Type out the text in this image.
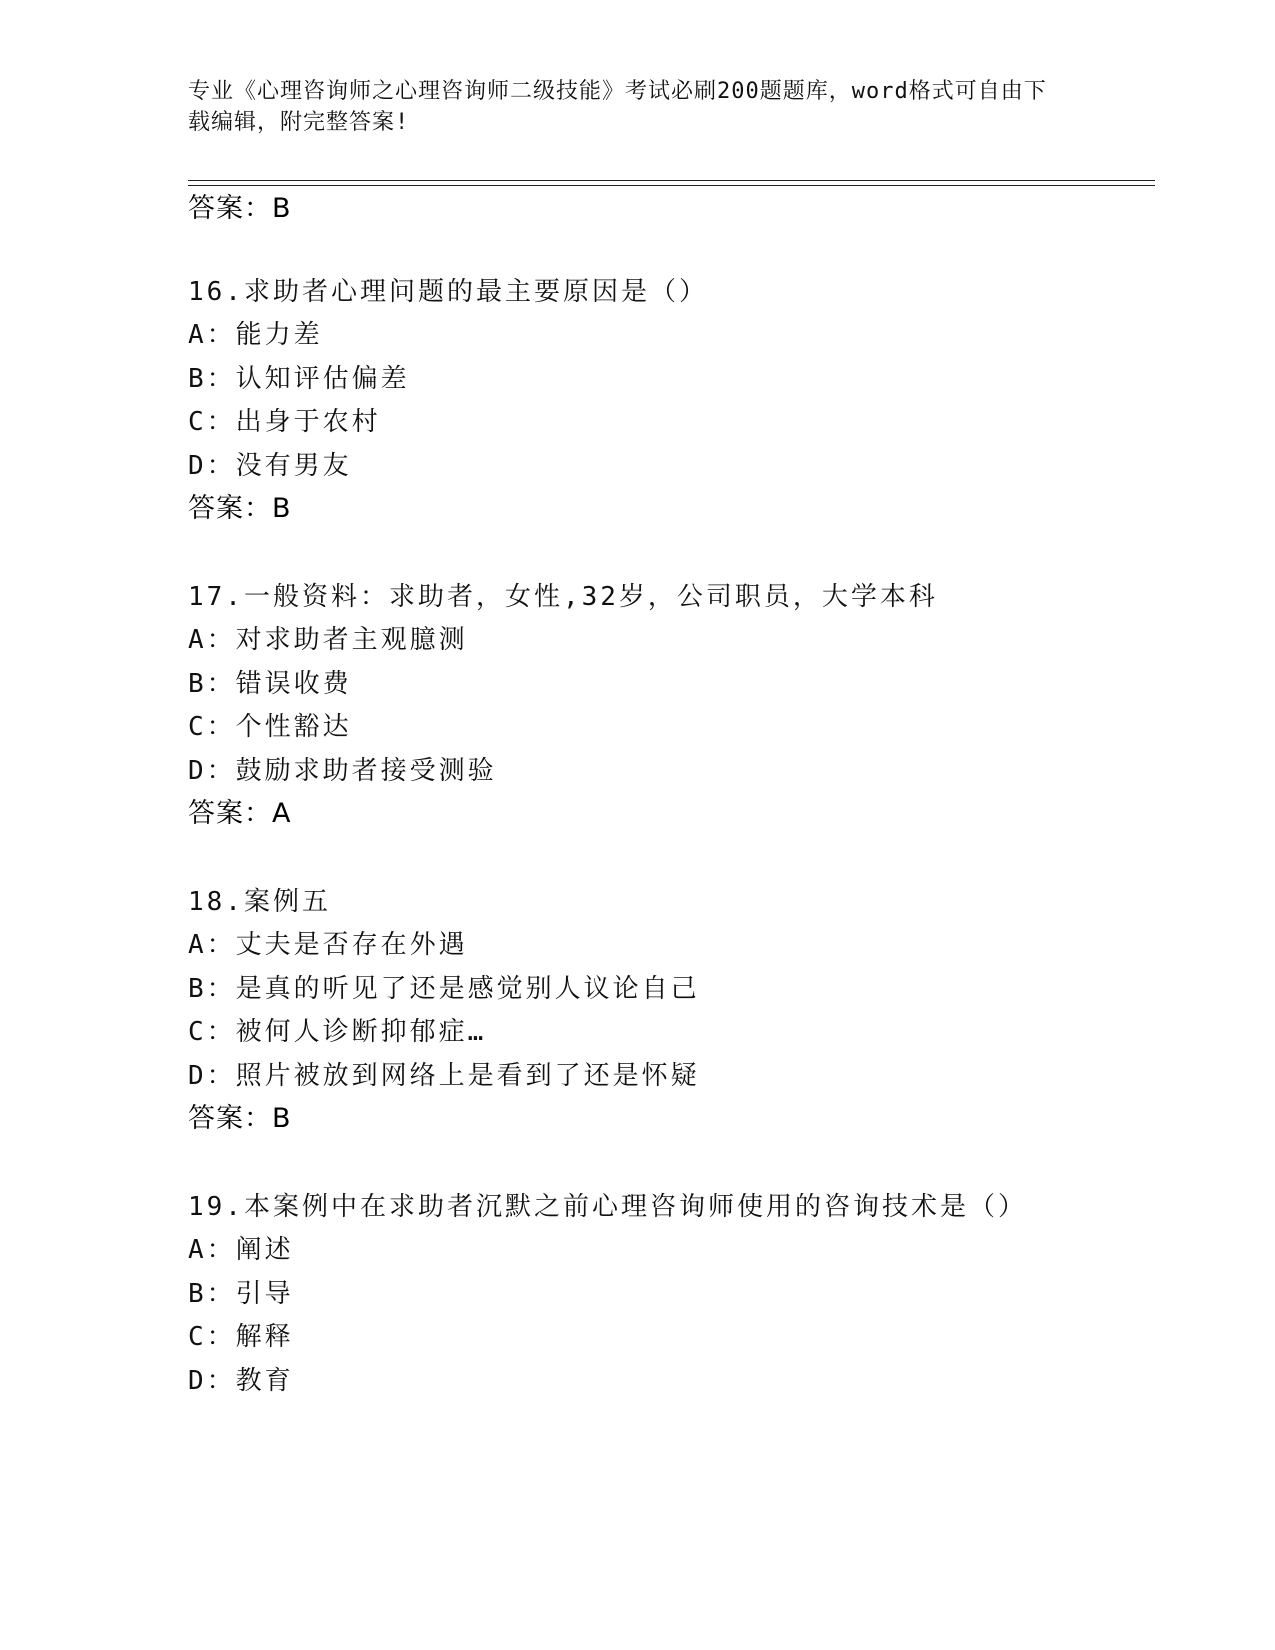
专业《心理咨询师之心理咨询师二级技能》考试必刷200题题库，word格式可自由下载编辑，附完整答案!
答案：B
16.求助者心理问题的最主要原因是（）
A：能力差
B：认知评估偏差
C：出身于农村
D：没有男友
答案：B
17.一般资料：求助者，女性,32岁，公司职员，大学本科
A：对求助者主观臆测
B：错误收费
C：个性豁达
D：鼓励求助者接受测验
答案：A
18.案例五
A：丈夫是否存在外遇
B：是真的听见了还是感觉别人议论自己
C：被何人诊断抑郁症…
D：照片被放到网络上是看到了还是怀疑
答案：B
19.本案例中在求助者沉默之前心理咨询师使用的咨询技术是（）
A：阐述
B：引导
C：解释
D：教育
